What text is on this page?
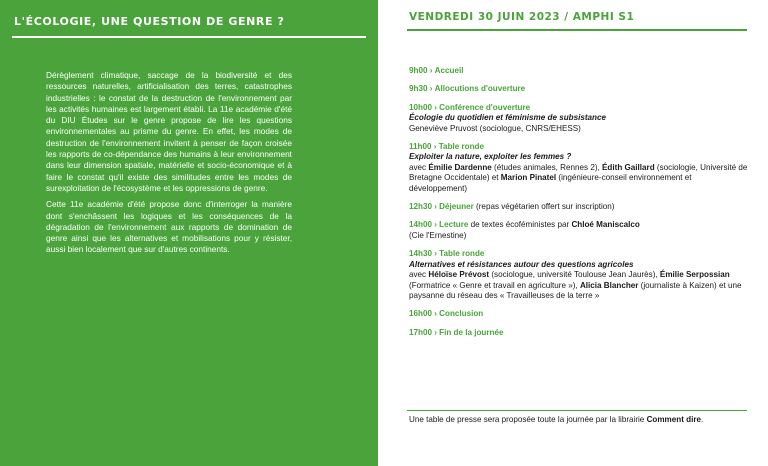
L'ÉCOLOGIE, UNE QUESTION DE GENRE ?

Dérèglement climatique, saccage de la biodiversité et des ressources naturelles, artificialisation des terres, catastrophes industrielles : le constat de la destruction de l'environnement par les activités humaines est largement établi. La 11e académie d'été du DIU Études sur le genre propose de lire les questions environnementales au prisme du genre. En effet, les modes de destruction de l'environnement invitent à penser de façon croisée les rapports de co-dépendance des humains à leur environnement dans leur dimension spatiale, matérielle et socio-économique et à faire le constat qu'il existe des similitudes entre les modes de surexploitation de l'écosystème et les oppressions de genre.

Cette 11e académie d'été propose donc d'interroger la manière dont s'enchâssent les logiques et les conséquences de la dégradation de l'environnement aux rapports de domination de genre ainsi que les alternatives et mobilisations pour y résister, aussi bien localement que sur d'autres continents.

VENDREDI 30 JUIN 2023 / AMPHI S1
9h00 › Accueil
9h30 › Allocutions d'ouverture
10h00 › Conférence d'ouverture
Écologie du quotidien et féminisme de subsistance
Geneviève Pruvost (sociologue, CNRS/EHESS)
11h00 › Table ronde
Exploiter la nature, exploiter les femmes ?
avec Émilie Dardenne (études animales, Rennes 2), Édith Gaillard (sociologie, Université de Bretagne Occidentale) et Marion Pinatel (ingénieure-conseil environnement et développement)
12h30 › Déjeuner (repas végétarien offert sur inscription)
14h00 › Lecture de textes écoféministes par Chloé Maniscalco
(Cie l'Ernestine)
14h30 › Table ronde
Alternatives et résistances autour des questions agricoles
avec Héloïse Prévost (sociologue, université Toulouse Jean Jaurès), Émilie Serpossian (Formatrice « Genre et travail en agriculture »), Alicia Blancher (journaliste à Kaizen) et une paysanne du réseau des « Travailleuses de la terre »
16h00 › Conclusion
17h00 › Fin de la journée
Une table de presse sera proposée toute la journée par la librairie Comment dire.
